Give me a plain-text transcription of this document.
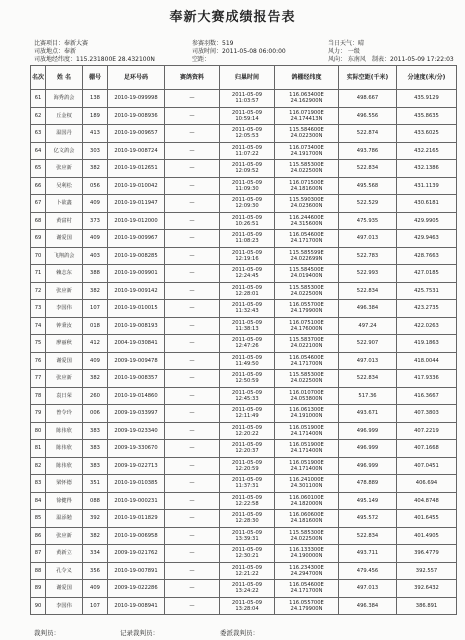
奉新大赛成绩报告表
比赛项目：奉新大赛	参赛羽数：519	当日天气：晴
司放地点：奉新	司放时间：2011-05-08 06:00:00	风力： 一级
司放地经纬度：115.231800E 28.432100N	空距：	风向： 东南风 制表：2011-05-09 17:22:03
名次	姓 名	棚号	足环号码	赛鸽资料	归巢时间	鸽棚经纬度	实际空距(千米)	分速度(米/分)
61	海秀鸽会	138	2010-19-099998	—	2011-05-09
11:03:57	116.063400E
24.162900N	498.667	435.9129
62	丘金权	189	2010-19-008936	—	2011-05-09
10:59:14	116.071900E
24.174413N	496.556	435.8635
63	温国丹	413	2010-19-009657	—	2011-05-09
12:05:53	115.584600E
24.022300N	522.874	433.6025
64	亿文鸽会	303	2010-19-008724	—	2011-05-09
11:07:22	116.073400E
24.191700N	493.786	432.2165
65	张应新	382	2010-19-012651	—	2011-05-09
12:09:52	115.585300E
24.022500N	522.834	432.1386
66	吴利松	056	2010-19-010042	—	2011-05-09
11:09:30	116.071500E
24.181600N	495.568	431.1139
67	卜欲鑫	409	2010-19-011947	—	2011-05-09
12:09:30	115.590300E
24.023600N	522.529	430.6181
68	黄富村	373	2010-19-012000	—	2011-05-09
10:26:51	116.244600E
24.315600N	475.935	429.9905
69	谢爱国	409	2010-19-009967	—	2011-05-09
11:08:23	116.054600E
24.171700N	497.013	429.9463
70	飞翔鸽会	403	2010-19-008285	—	2011-05-09
12:19:16	115.585599E
24.022699N	522.783	428.7663
71	赖志东	388	2010-19-009901	—	2011-05-09
12:24:45	115.584500E
24.019400N	522.993	427.0185
72	张应新	382	2010-19-009142	—	2011-05-09
12:28:01	115.585300E
24.022500N	522.834	425.7531
73	李国伟	107	2010-19-010015	—	2011-05-09
11:32:43	116.055700E
24.179900N	496.384	423.2735
74	钟秉汝	018	2010-19-008193	—	2011-05-09
11:38:13	116.075100E
24.176000N	497.24	422.0263
75	廖丽秋	412	2004-19-030841	—	2011-05-09
12:47:26	115.583700E
24.022100N	522.907	419.1863
76	谢爱国	409	2009-19-009478	—	2011-05-09
11:49:50	116.054600E
24.171700N	497.013	418.0044
77	张应新	382	2010-19-008357	—	2011-05-09
12:50:59	115.585300E
24.022500N	522.834	417.9336
78	袁日荣	260	2010-19-014860	—	2011-05-09
12:45:33	116.010700E
24.053800N	517.36	416.3667
79	曾令玲	006	2009-19-033997	—	2011-05-09
12:11:49	116.061300E
24.191000N	493.671	407.3803
80	陈伟欣	383	2009-19-023340	—	2011-05-09
12:20:22	116.051900E
24.171400N	496.999	407.2219
81	陈伟欣	383	2009-19-330670	—	2011-05-09
12:20:37	116.051900E
24.171400N	496.999	407.1668
82	陈伟欣	383	2009-19-022713	—	2011-05-09
12:20:59	116.051900E
24.171400N	496.999	407.0451
83	梁怀德	351	2010-19-010385	—	2011-05-09
11:37:31	116.241000E
24.301100N	478.889	406.694
84	徐健得	088	2010-19-000231	—	2011-05-09
12:22:58	116.060100E
24.182000N	495.149	404.8748
85	温添勉	392	2010-19-011829	—	2011-05-09
12:28:30	116.060600E
24.181600N	495.572	401.6455
86	张应新	382	2010-19-006958	—	2011-05-09
13:39:31	115.585300E
24.022500N	522.834	401.4905
87	黄新立	334	2009-19-021762	—	2011-05-09
12:30:21	116.133300E
24.190000N	493.711	396.4779
88	孔令义	356	2010-19-007891	—	2011-05-09
12:21:22	116.234300E
24.294700N	479.456	392.557
89	谢爱国	409	2009-19-022286	—	2011-05-09
13:24:22	116.054600E
24.171700N	497.013	392.6432
90	李国伟	107	2010-19-008941	—	2011-05-09
13:28:04	116.055700E
24.179900N	496.384	386.891
裁判员：	记录裁判员：	委派裁判员：
